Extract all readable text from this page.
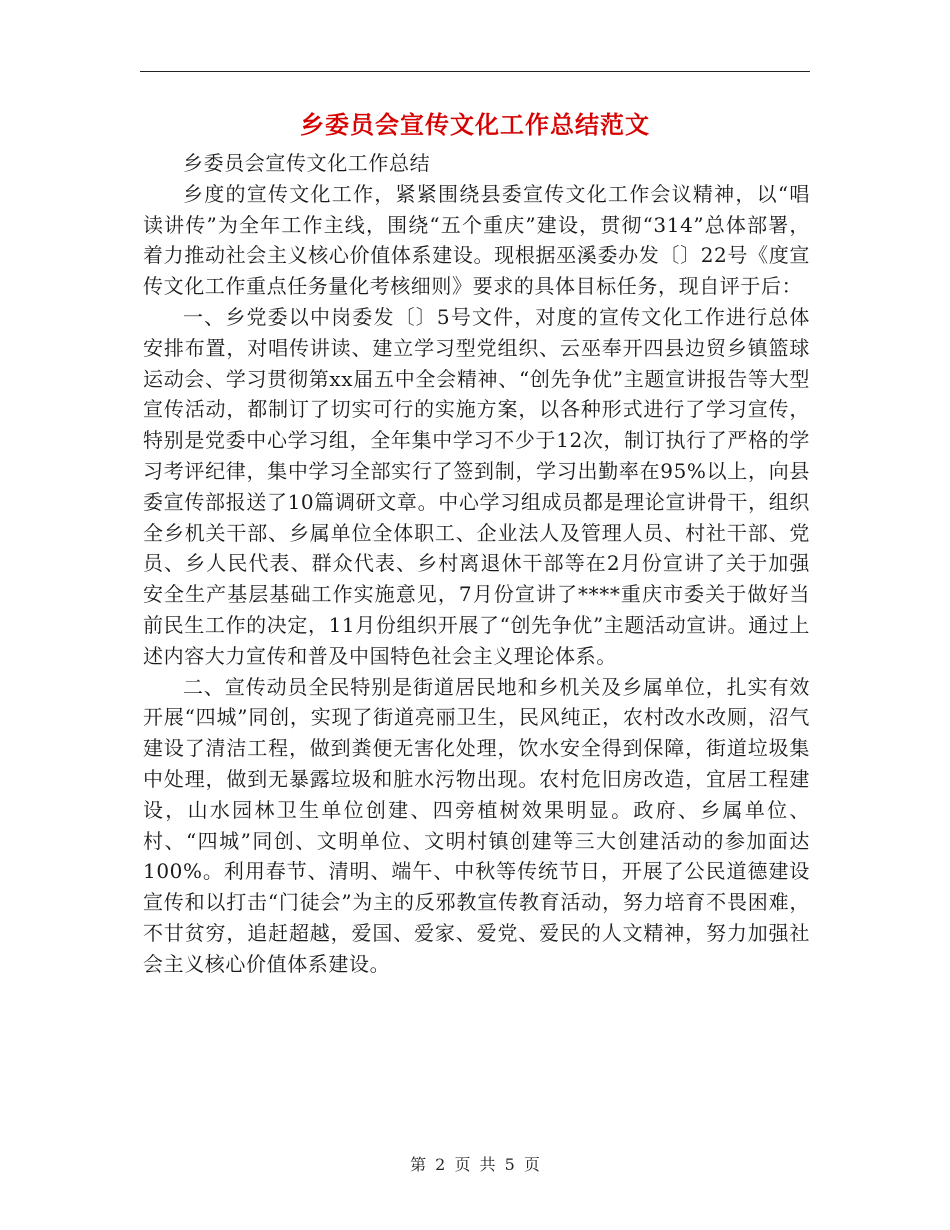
乡委员会宣传文化工作总结范文

乡委员会宣传文化工作总结

乡度的宣传文化工作，紧紧围绕县委宣传文化工作会议精神，以“唱读讲传”为全年工作主线，围绕“五个重庆”建设，贯彻“314”总体部署，着力推动社会主义核心价值体系建设。现根据巫溪委办发〔〕22号《度宣传文化工作重点任务量化考核细则》要求的具体目标任务，现自评于后：

一、乡党委以中岗委发〔〕5号文件，对度的宣传文化工作进行总体安排布置，对唱传讲读、建立学习型党组织、云巫奉开四县边贸乡镇篮球运动会、学习贯彻第xx届五中全会精神、“创先争优”主题宣讲报告等大型宣传活动，都制订了切实可行的实施方案，以各种形式进行了学习宣传，特别是党委中心学习组，全年集中学习不少于12次，制订执行了严格的学习考评纪律，集中学习全部实行了签到制，学习出勤率在95%以上，向县委宣传部报送了10篇调研文章。中心学习组成员都是理论宣讲骨干，组织全乡机关干部、乡属单位全体职工、企业法人及管理人员、村社干部、党员、乡人民代表、群众代表、乡村离退休干部等在2月份宣讲了关于加强安全生产基层基础工作实施意见，7月份宣讲了****重庆市委关于做好当前民生工作的决定，11月份组织开展了“创先争优”主题活动宣讲。通过上述内容大力宣传和普及中国特色社会主义理论体系。

二、宣传动员全民特别是街道居民地和乡机关及乡属单位，扎实有效开展“四城”同创，实现了街道亮丽卫生，民风纯正，农村改水改厕，沼气建设了清洁工程，做到粪便无害化处理，饮水安全得到保障，街道垃圾集中处理，做到无暴露垃圾和脏水污物出现。农村危旧房改造，宜居工程建设，山水园林卫生单位创建、四旁植树效果明显。政府、乡属单位、村、“四城”同创、文明单位、文明村镇创建等三大创建活动的参加面达100%。利用春节、清明、端午、中秋等传统节日，开展了公民道德建设宣传和以打击“门徒会”为主的反邪教宣传教育活动，努力培育不畏困难，不甘贫穷，追赶超越，爱国、爱家、爱党、爱民的人文精神，努力加强社会主义核心价值体系建设。

第 2 页 共 5 页
